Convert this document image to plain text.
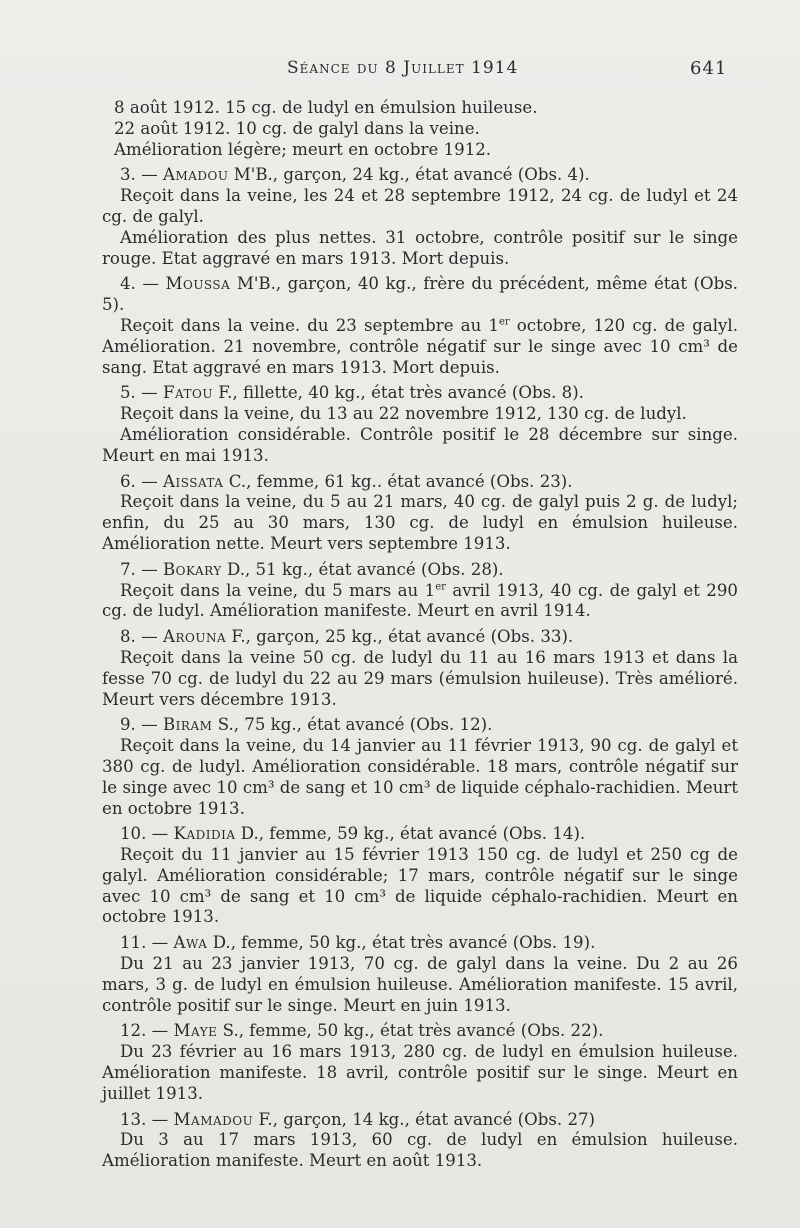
Séance du 8 Juillet 1914	641

8 août 1912. 15 cg. de ludyl en émulsion huileuse.

22 août 1912. 10 cg. de galyl dans la veine.

Amélioration légère; meurt en octobre 1912.

3. — Amadou M'B., garçon, 24 kg., état avancé (Obs. 4).

Reçoit dans la veine, les 24 et 28 septembre 1912, 24 cg. de ludyl et 24 cg. de galyl.

Amélioration des plus nettes. 31 octobre, contrôle positif sur le singe rouge. Etat aggravé en mars 1913. Mort depuis.

4. — Moussa M'B., garçon, 40 kg., frère du précédent, même état (Obs. 5).

Reçoit dans la veine. du 23 septembre au 1er octobre, 120 cg. de galyl. Amélioration. 21 novembre, contrôle négatif sur le singe avec 10 cm³ de sang. Etat aggravé en mars 1913. Mort depuis.

5. — Fatou F., fillette, 40 kg., état très avancé (Obs. 8).

Reçoit dans la veine, du 13 au 22 novembre 1912, 130 cg. de ludyl.

Amélioration considérable. Contrôle positif le 28 décembre sur singe. Meurt en mai 1913.

6. — Aissata C., femme, 61 kg.. état avancé (Obs. 23).

Reçoit dans la veine, du 5 au 21 mars, 40 cg. de galyl puis 2 g. de ludyl; enfin, du 25 au 30 mars, 130 cg. de ludyl en émulsion huileuse. Amélioration nette. Meurt vers septembre 1913.

7. — Bokary D., 51 kg., état avancé (Obs. 28).

Reçoit dans la veine, du 5 mars au 1er avril 1913, 40 cg. de galyl et 290 cg. de ludyl. Amélioration manifeste. Meurt en avril 1914.

8. — Arouna F., garçon, 25 kg., état avancé (Obs. 33).

Reçoit dans la veine 50 cg. de ludyl du 11 au 16 mars 1913 et dans la fesse 70 cg. de ludyl du 22 au 29 mars (émulsion huileuse). Très amélioré. Meurt vers décembre 1913.

9. — Biram S., 75 kg., état avancé (Obs. 12).

Reçoit dans la veine, du 14 janvier au 11 février 1913, 90 cg. de galyl et 380 cg. de ludyl. Amélioration considérable. 18 mars, contrôle négatif sur le singe avec 10 cm³ de sang et 10 cm³ de liquide céphalo-rachidien. Meurt en octobre 1913.

10. — Kadidia D., femme, 59 kg., état avancé (Obs. 14).

Reçoit du 11 janvier au 15 février 1913 150 cg. de ludyl et 250 cg de galyl. Amélioration considérable; 17 mars, contrôle négatif sur le singe avec 10 cm³ de sang et 10 cm³ de liquide céphalo-rachidien. Meurt en octobre 1913.

11. — Awa D., femme, 50 kg., état très avancé (Obs. 19).

Du 21 au 23 janvier 1913, 70 cg. de galyl dans la veine. Du 2 au 26 mars, 3 g. de ludyl en émulsion huileuse. Amélioration manifeste. 15 avril, contrôle positif sur le singe. Meurt en juin 1913.

12. — Maye S., femme, 50 kg., état très avancé (Obs. 22).

Du 23 février au 16 mars 1913, 280 cg. de ludyl en émulsion huileuse. Amélioration manifeste. 18 avril, contrôle positif sur le singe. Meurt en juillet 1913.

13. — Mamadou F., garçon, 14 kg., état avancé (Obs. 27)

Du 3 au 17 mars 1913, 60 cg. de ludyl en émulsion huileuse. Amélioration manifeste. Meurt en août 1913.
